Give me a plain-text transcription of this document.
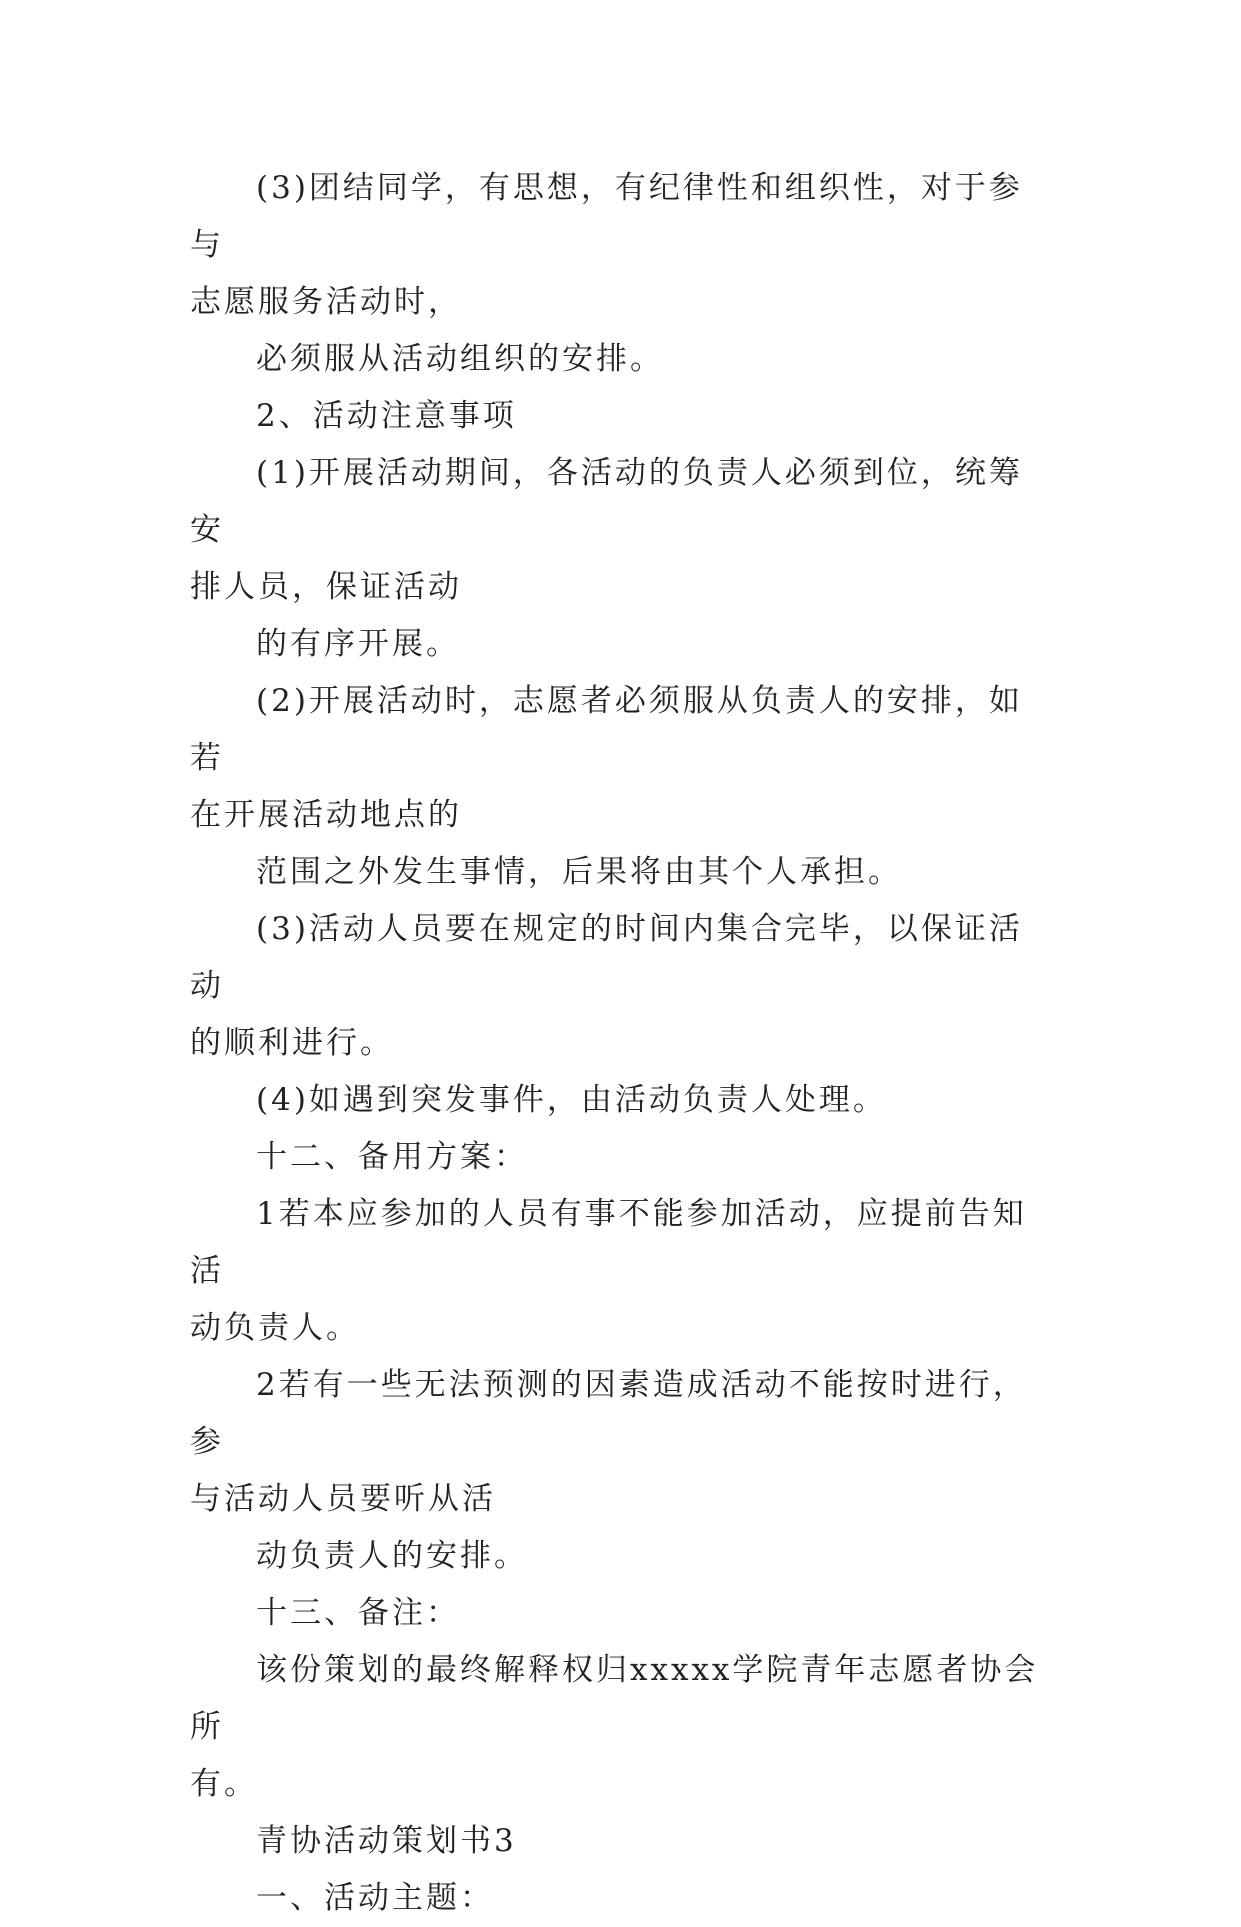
(3)团结同学，有思想，有纪律性和组织性，对于参与

志愿服务活动时，

必须服从活动组织的安排。

2、活动注意事项

(1)开展活动期间，各活动的负责人必须到位，统筹安

排人员，保证活动

的有序开展。

(2)开展活动时，志愿者必须服从负责人的安排，如若

在开展活动地点的

范围之外发生事情，后果将由其个人承担。

(3)活动人员要在规定的时间内集合完毕，以保证活动

的顺利进行。

(4)如遇到突发事件，由活动负责人处理。

十二、备用方案：

1若本应参加的人员有事不能参加活动，应提前告知活

动负责人。

2若有一些无法预测的因素造成活动不能按时进行，参

与活动人员要听从活

动负责人的安排。

十三、备注：

该份策划的最终解释权归xxxxx学院青年志愿者协会所

有。

青协活动策划书3

一、活动主题：
